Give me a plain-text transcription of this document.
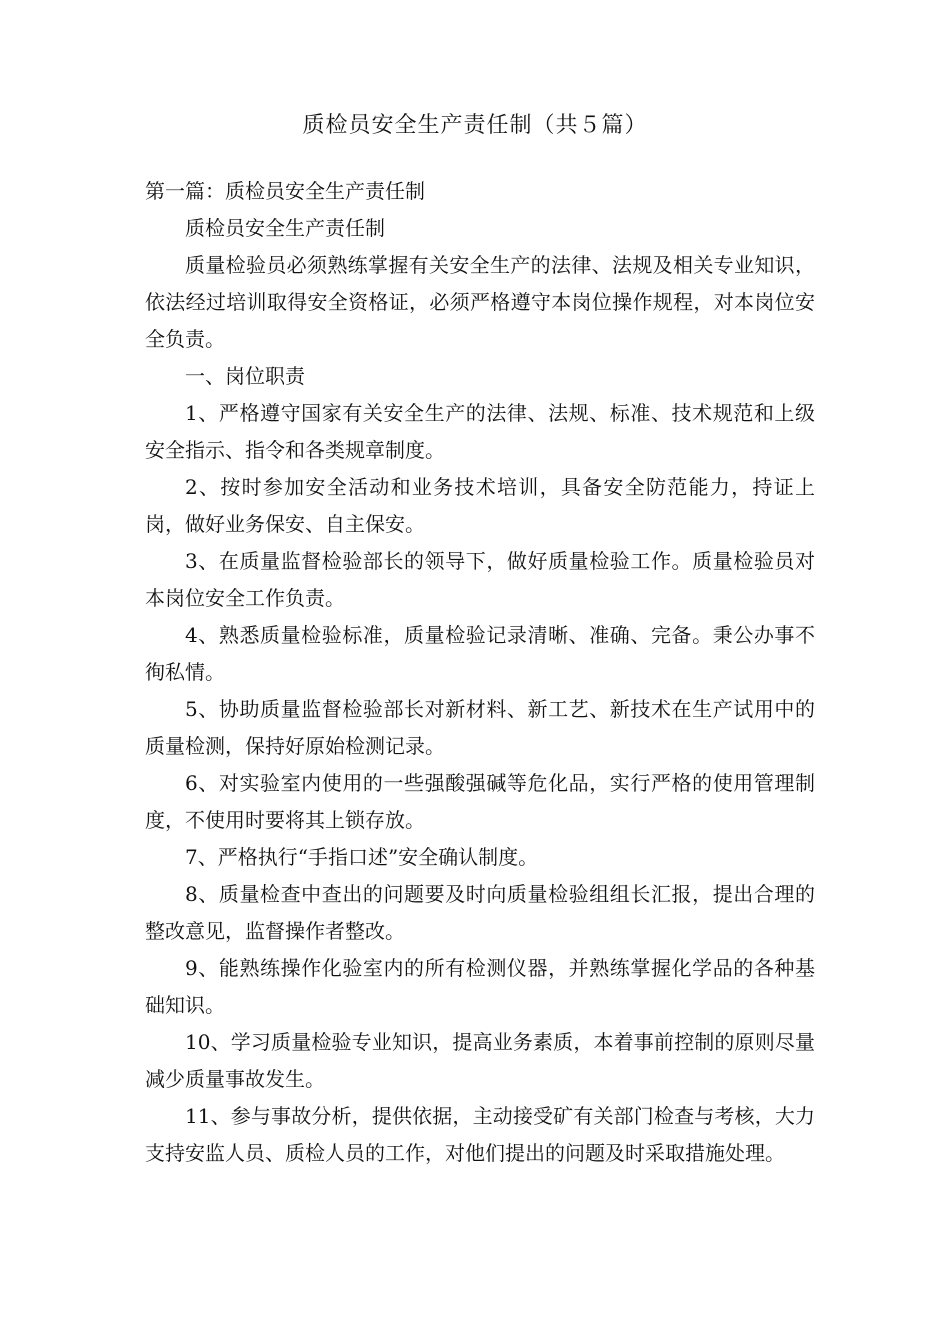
质检员安全生产责任制（共５篇）

第一篇：质检员安全生产责任制

质检员安全生产责任制

质量检验员必须熟练掌握有关安全生产的法律、法规及相关专业知识，依法经过培训取得安全资格证，必须严格遵守本岗位操作规程，对本岗位安全负责。

一、岗位职责

1、严格遵守国家有关安全生产的法律、法规、标准、技术规范和上级安全指示、指令和各类规章制度。

2、按时参加安全活动和业务技术培训，具备安全防范能力，持证上岗，做好业务保安、自主保安。

3、在质量监督检验部长的领导下，做好质量检验工作。质量检验员对本岗位安全工作负责。

4、熟悉质量检验标准，质量检验记录清晰、准确、完备。秉公办事不徇私情。

5、协助质量监督检验部长对新材料、新工艺、新技术在生产试用中的质量检测，保持好原始检测记录。

6、对实验室内使用的一些强酸强碱等危化品，实行严格的使用管理制度，不使用时要将其上锁存放。

7、严格执行“手指口述”安全确认制度。

8、质量检查中查出的问题要及时向质量检验组组长汇报，提出合理的整改意见，监督操作者整改。

9、能熟练操作化验室内的所有检测仪器，并熟练掌握化学品的各种基础知识。

10、学习质量检验专业知识，提高业务素质，本着事前控制的原则尽量减少质量事故发生。

11、参与事故分析，提供依据，主动接受矿有关部门检查与考核，大力支持安监人员、质检人员的工作，对他们提出的问题及时采取措施处理。
